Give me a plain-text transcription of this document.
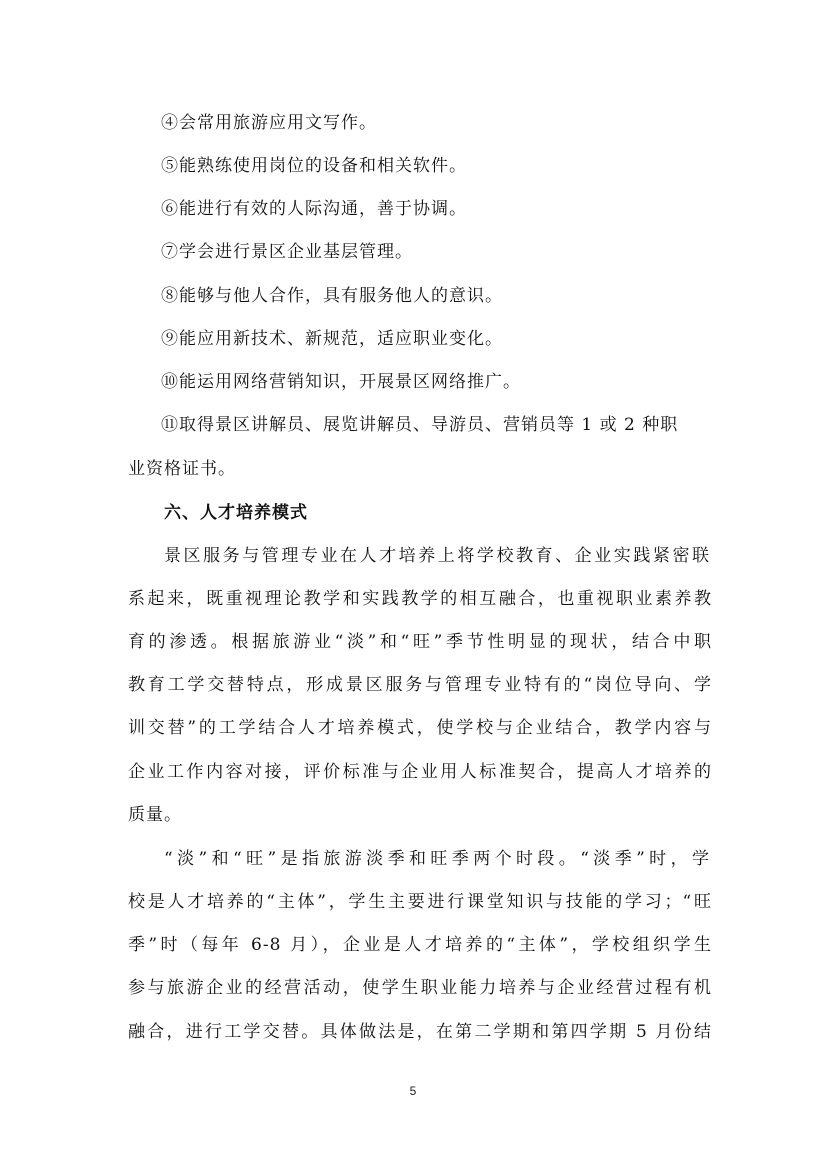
④会常用旅游应用文写作。
⑤能熟练使用岗位的设备和相关软件。
⑥能进行有效的人际沟通，善于协调。
⑦学会进行景区企业基层管理。
⑧能够与他人合作，具有服务他人的意识。
⑨能应用新技术、新规范，适应职业变化。
⑩能运用网络营销知识，开展景区网络推广。
⑪取得景区讲解员、展览讲解员、导游员、营销员等 1 或 2 种职
业资格证书。
六、人才培养模式
景区服务与管理专业在人才培养上将学校教育、企业实践紧密联
系起来，既重视理论教学和实践教学的相互融合，也重视职业素养教
育的渗透。根据旅游业“淡”和“旺”季节性明显的现状，结合中职
教育工学交替特点，形成景区服务与管理专业特有的“岗位导向、学
训交替”的工学结合人才培养模式，使学校与企业结合，教学内容与
企业工作内容对接，评价标准与企业用人标准契合，提高人才培养的
质量。
“淡”和“旺”是指旅游淡季和旺季两个时段。“淡季”时，学
校是人才培养的“主体”，学生主要进行课堂知识与技能的学习；“旺
季”时（每年 6-8 月），企业是人才培养的“主体”，学校组织学生
参与旅游企业的经营活动，使学生职业能力培养与企业经营过程有机
融合，进行工学交替。具体做法是，在第二学期和第四学期 5 月份结
5
